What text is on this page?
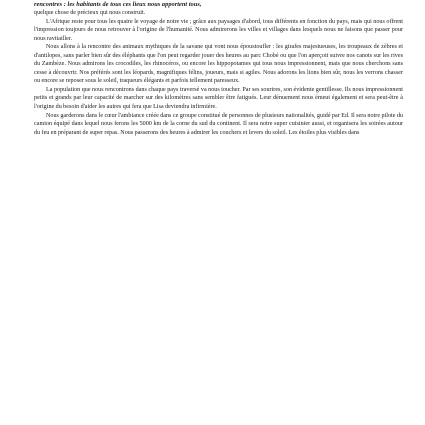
rencontres : les habitants de tous ces lieux nous apportent tous,

quelque chose de précieux qui nous construit.

L'Afrique reste pour tous les quatre le voyage de notre vie ; grâce aux paysages d'abord, tous différents en fonction du pays, mais qui nous offrent l'impression toujours de nous retrouver à l'origine de l'humanité. Nous admirerons les villes et villages dans lesquels nous ne faisons que passer pour nous ravitailler.

Nous allons à la rencontre des animaux mythiques de la savane qui vont nous époustoufler : les girafes majestueuses, les troupeaux de zèbres et d'antilopes, sans parler bien sûr des éléphants que l'on peut regarder jouer des heures au parc Chobé ou que l'on aperçoit suivre nos canots sur les rives du Zambèze. Nous admirons les crocodiles, les rhinocéros, ou encore les hippopotames qui tous nous impressionnent, mais que nous cherchons sans cesse à découvrir. Nos préférés sont les léopards, magnifiques félins, joueurs, mais si agiles. Nous adorons les lions bien sûr, nous les verrons chasser ou encore se reposer sous le soleil, traqueurs élégants et parfois tellement paresseux.

La population que nous rencontrons dans chaque pays traversé va nous toucher. Par ses sourires, son évidente gentillesse. Ils nous impressionnent petits et grands par leur capacité de marcher sur des kilomètres sans sembler être fatigués. Leur dénuement nous émeut également et sera peut-être à l'origine du besoin d'aider les autres qui fera que Lisa deviendra infirmière.

Nous garderons dans le cœur l'ambiance créée dans ce groupe constitué de personnes de plusieurs nationalités, guidé par Ed. Il sera notre pilote du camion équipé dans lequel nous ferons les 5000 km de la corne du sud du continent. Il sera notre super cuisinier aussi, et organisera les soirées autour du feu en préparant de super repas. Nous passerons des heures à admirer les couchers et levers du soleil. Les étoiles plus visibles dans
